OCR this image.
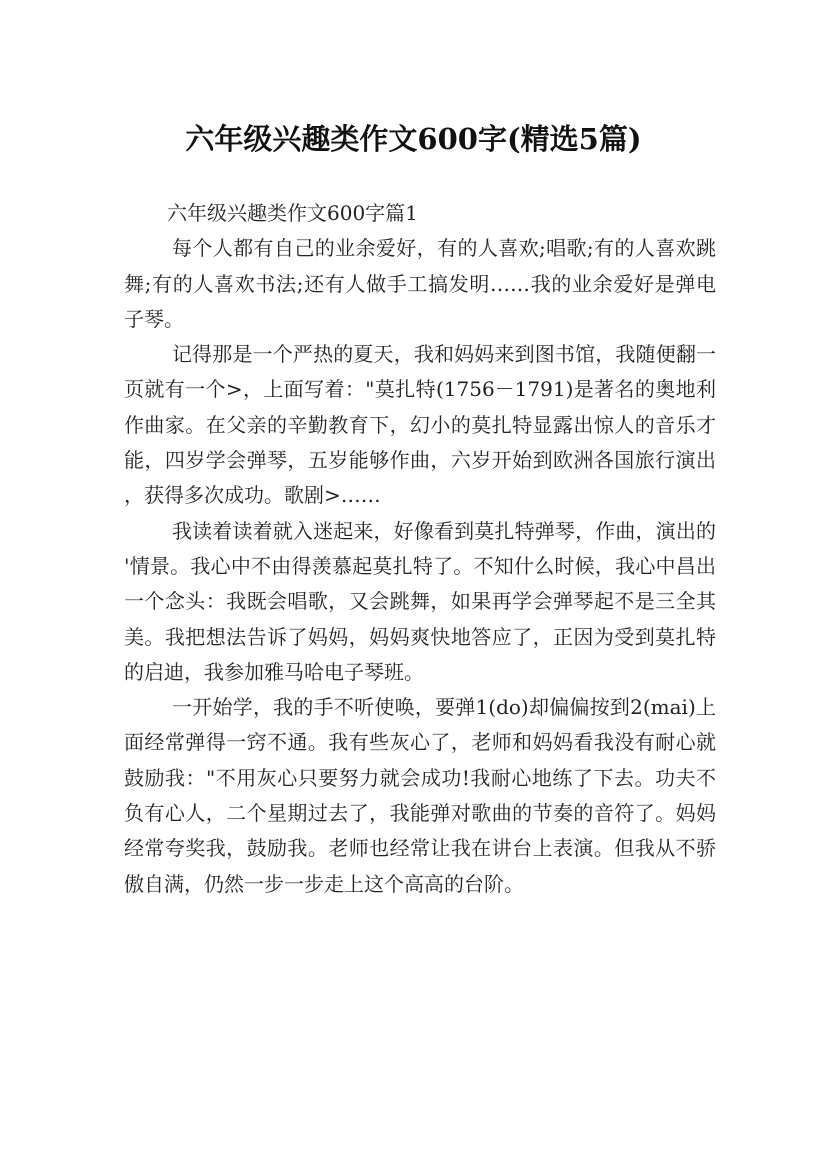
六年级兴趣类作文600字(精选5篇)

六年级兴趣类作文600字篇1

每个人都有自己的业余爱好，有的人喜欢;唱歌;有的人喜欢跳舞;有的人喜欢书法;还有人做手工搞发明……我的业余爱好是弹电子琴。

记得那是一个严热的夏天，我和妈妈来到图书馆，我随便翻一页就有一个>，上面写着："莫扎特(1756－1791)是著名的奥地利作曲家。在父亲的辛勤教育下，幻小的莫扎特显露出惊人的音乐才能，四岁学会弹琴，五岁能够作曲，六岁开始到欧洲各国旅行演出，获得多次成功。歌剧>……

我读着读着就入迷起来，好像看到莫扎特弹琴，作曲，演出的'情景。我心中不由得羡慕起莫扎特了。不知什么时候，我心中昌出一个念头：我既会唱歌，又会跳舞，如果再学会弹琴起不是三全其美。我把想法告诉了妈妈，妈妈爽快地答应了，正因为受到莫扎特的启迪，我参加雅马哈电子琴班。

一开始学，我的手不听使唤，要弹1(do)却偏偏按到2(mai)上面经常弹得一窍不通。我有些灰心了，老师和妈妈看我没有耐心就鼓励我："不用灰心只要努力就会成功!我耐心地练了下去。功夫不负有心人，二个星期过去了，我能弹对歌曲的节奏的音符了。妈妈经常夸奖我，鼓励我。老师也经常让我在讲台上表演。但我从不骄傲自满，仍然一步一步走上这个高高的台阶。
